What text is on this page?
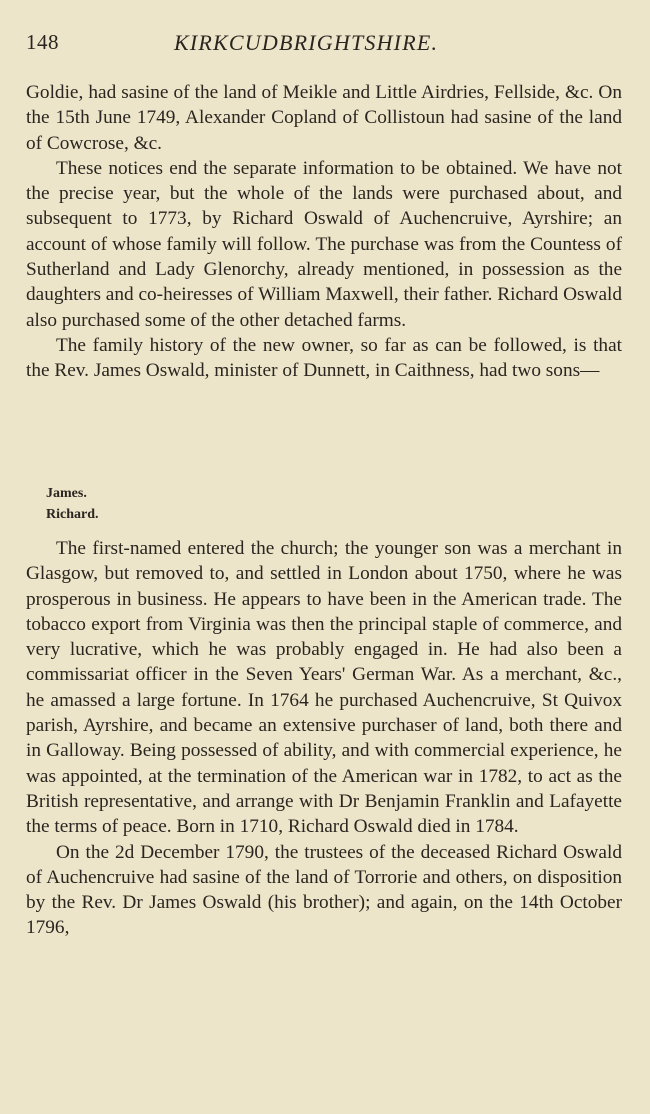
148	KIRKCUDBRIGHTSHIRE.

Goldie, had sasine of the land of Meikle and Little Airdries, Fellside, &c. On the 15th June 1749, Alexander Copland of Collistoun had sasine of the land of Cowcrose, &c.

These notices end the separate information to be obtained. We have not the precise year, but the whole of the lands were purchased about, and subsequent to 1773, by Richard Oswald of Auchencruive, Ayrshire; an account of whose family will follow. The purchase was from the Countess of Sutherland and Lady Glenorchy, already mentioned, in possession as the daughters and co-heiresses of William Maxwell, their father. Richard Oswald also purchased some of the other detached farms.

The family history of the new owner, so far as can be followed, is that the Rev. James Oswald, minister of Dunnett, in Caithness, had two sons—

James.
Richard.

The first-named entered the church; the younger son was a merchant in Glasgow, but removed to, and settled in London about 1750, where he was prosperous in business. He appears to have been in the American trade. The tobacco export from Virginia was then the principal staple of commerce, and very lucrative, which he was probably engaged in. He had also been a commissariat officer in the Seven Years' German War. As a merchant, &c., he amassed a large fortune. In 1764 he purchased Auchencruive, St Quivox parish, Ayrshire, and became an extensive purchaser of land, both there and in Galloway. Being possessed of ability, and with commercial experience, he was appointed, at the termination of the American war in 1782, to act as the British representative, and arrange with Dr Benjamin Franklin and Lafayette the terms of peace. Born in 1710, Richard Oswald died in 1784.

On the 2d December 1790, the trustees of the deceased Richard Oswald of Auchencruive had sasine of the land of Torrorie and others, on disposition by the Rev. Dr James Oswald (his brother); and again, on the 14th October 1796,
